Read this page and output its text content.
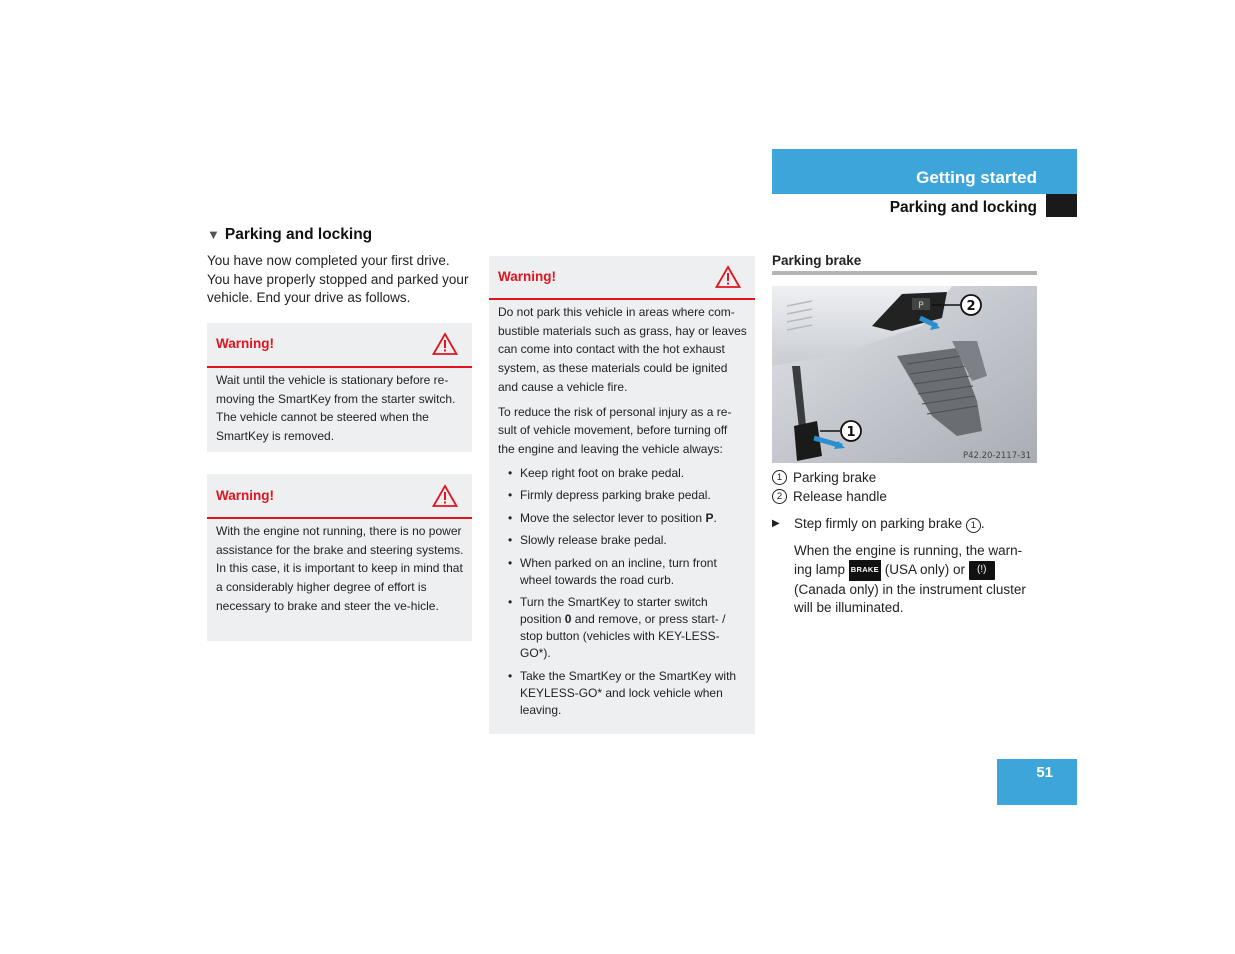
Getting started
Parking and locking
▼ Parking and locking
You have now completed your first drive. You have properly stopped and parked your vehicle. End your drive as follows.
Warning!
Wait until the vehicle is stationary before re-moving the SmartKey from the starter switch. The vehicle cannot be steered when the SmartKey is removed.
Warning!
With the engine not running, there is no power assistance for the brake and steering systems. In this case, it is important to keep in mind that a considerably higher degree of effort is necessary to brake and steer the ve-hicle.
Warning!

Do not park this vehicle in areas where com-bustible materials such as grass, hay or leaves can come into contact with the hot exhaust system, as these materials could be ignited and cause a vehicle fire.

To reduce the risk of personal injury as a re-sult of vehicle movement, before turning off the engine and leaving the vehicle always:

• Keep right foot on brake pedal.
• Firmly depress parking brake pedal.
• Move the selector lever to position P.
• Slowly release brake pedal.
• When parked on an incline, turn front wheel towards the road curb.
• Turn the SmartKey to starter switch position 0 and remove, or press start- / stop button (vehicles with KEY-LESS-GO*).
• Take the SmartKey or the SmartKey with KEYLESS-GO* and lock vehicle when leaving.
Parking brake
P	2
1
P42.20-2117-31
1 Parking brake
2 Release handle
▶	Step firmly on parking brake 1 .
When the engine is running, the warn-ing lamp BRAKE (USA only) or (!) (Canada only) in the instrument cluster will be illuminated.
51
